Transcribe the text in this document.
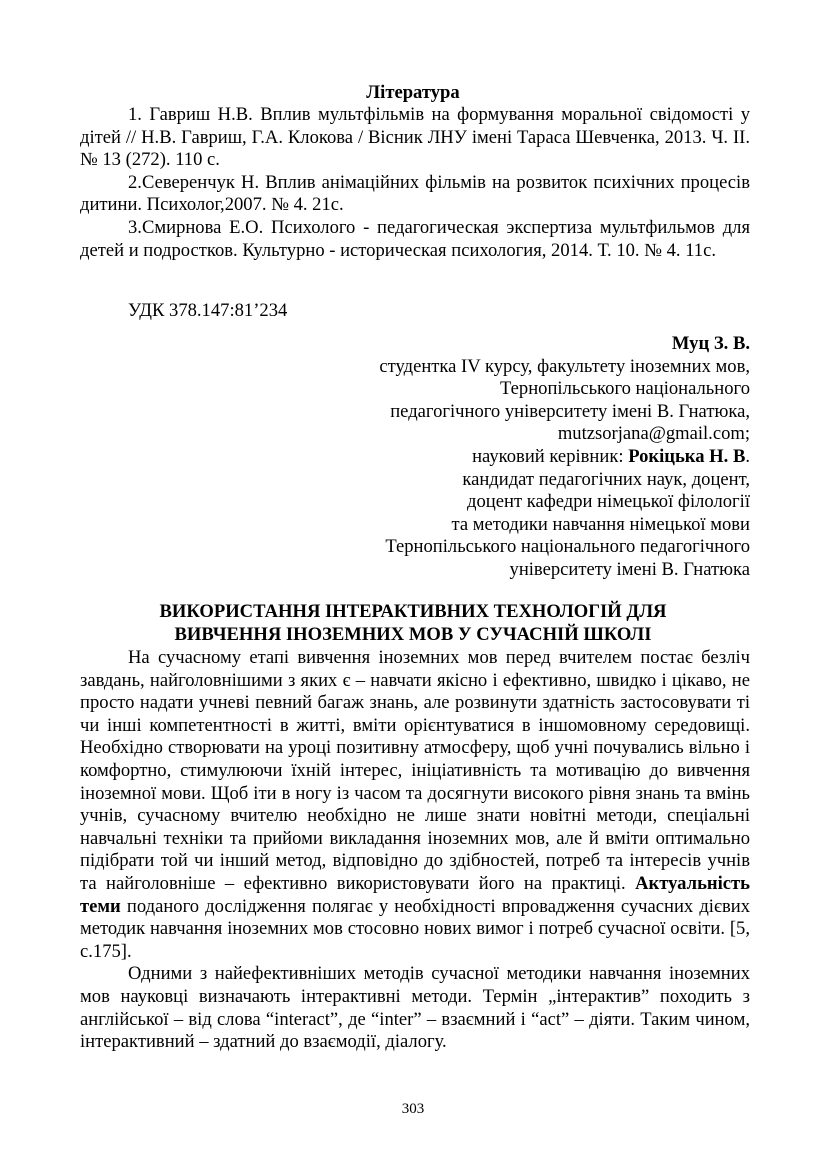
Література

1. Гавриш Н.В. Вплив мультфільмів на формування моральної свідомості у дітей // Н.В. Гавриш, Г.А. Клокова / Вісник ЛНУ імені Тараса Шевченка, 2013. Ч. ІІ. № 13 (272). 110 с.

2.Северенчук Н. Вплив анімаційних фільмів на розвиток психічних процесів дитини. Психолог,2007. № 4. 21с.

3.Смирнова Е.О. Психолого - педагогическая экспертиза мультфильмов для детей и подростков. Культурно - историческая психология, 2014. Т. 10. № 4. 11с.

УДК 378.147:81’234
Муц З. В.
студентка IV курсу, факультету іноземних мов,
Тернопільського національного
педагогічного університету імені В. Гнатюка,
mutzsorjana@gmail.com;
науковий керівник: Рокіцька Н. В.
кандидат педагогічних наук, доцент,
доцент кафедри німецької філології
та методики навчання німецької мови
Тернопільського національного педагогічного
університету імені В. Гнатюка
ВИКОРИСТАННЯ ІНТЕРАКТИВНИХ ТЕХНОЛОГІЙ ДЛЯ
ВИВЧЕННЯ ІНОЗЕМНИХ МОВ У СУЧАСНІЙ ШКОЛІ

На сучасному етапі вивчення іноземних мов перед вчителем постає безліч завдань, найголовнішими з яких є – навчати якісно і ефективно, швидко і цікаво, не просто надати учневі певний багаж знань, але розвинути здатність застосовувати ті чи інші компетентності в житті, вміти орієнтуватися в іншомовному середовищі. Необхідно створювати на уроці позитивну атмосферу, щоб учні почувались вільно і комфортно, стимулюючи їхній інтерес, ініціативність та мотивацію до вивчення іноземної мови. Щоб іти в ногу із часом та досягнути високого рівня знань та вмінь учнів, сучасному вчителю необхідно не лише знати новітні методи, спеціальні навчальні техніки та прийоми викладання іноземних мов, але й вміти оптимально підібрати той чи інший метод, відповідно до здібностей, потреб та інтересів учнів та найголовніше – ефективно використовувати його на практиці. Актуальність теми поданого дослідження полягає у необхідності впровадження сучасних дієвих методик навчання іноземних мов стосовно нових вимог і потреб сучасної освіти. [5, с.175].

Одними з найефективніших методів сучасної методики навчання іноземних мов науковці визначають інтерактивні методи. Термін „інтерактив” походить з англійської – від слова “interact”, де “inter” – взаємний і “act” – діяти. Таким чином, інтерактивний – здатний до взаємодії, діалогу.

303
